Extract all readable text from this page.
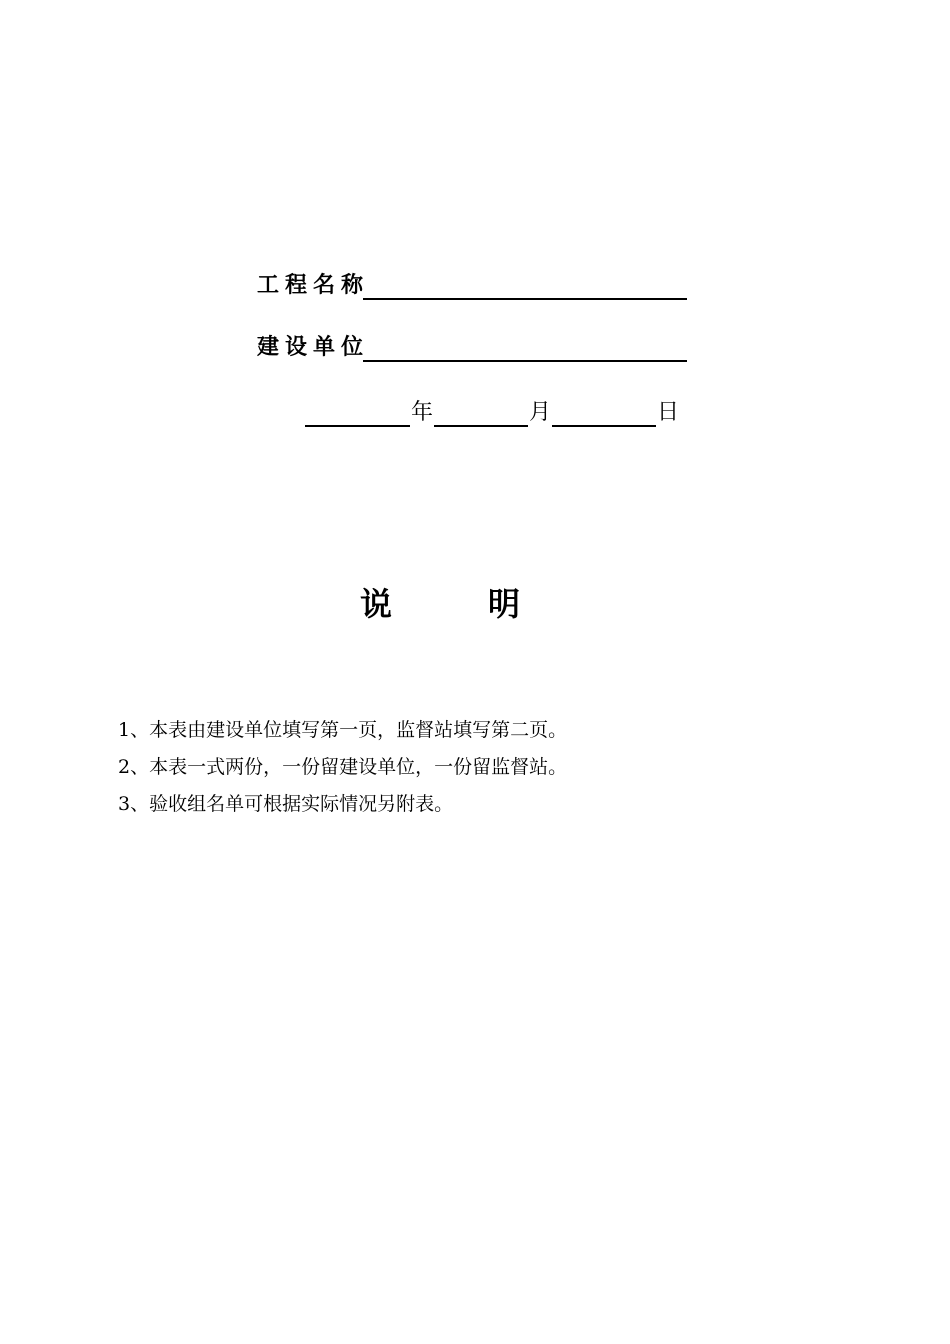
工程名称
建设单位
年	月	日
说	明
1、本表由建设单位填写第一页，监督站填写第二页。
2、本表一式两份，一份留建设单位，一份留监督站。
3、验收组名单可根据实际情况另附表。
